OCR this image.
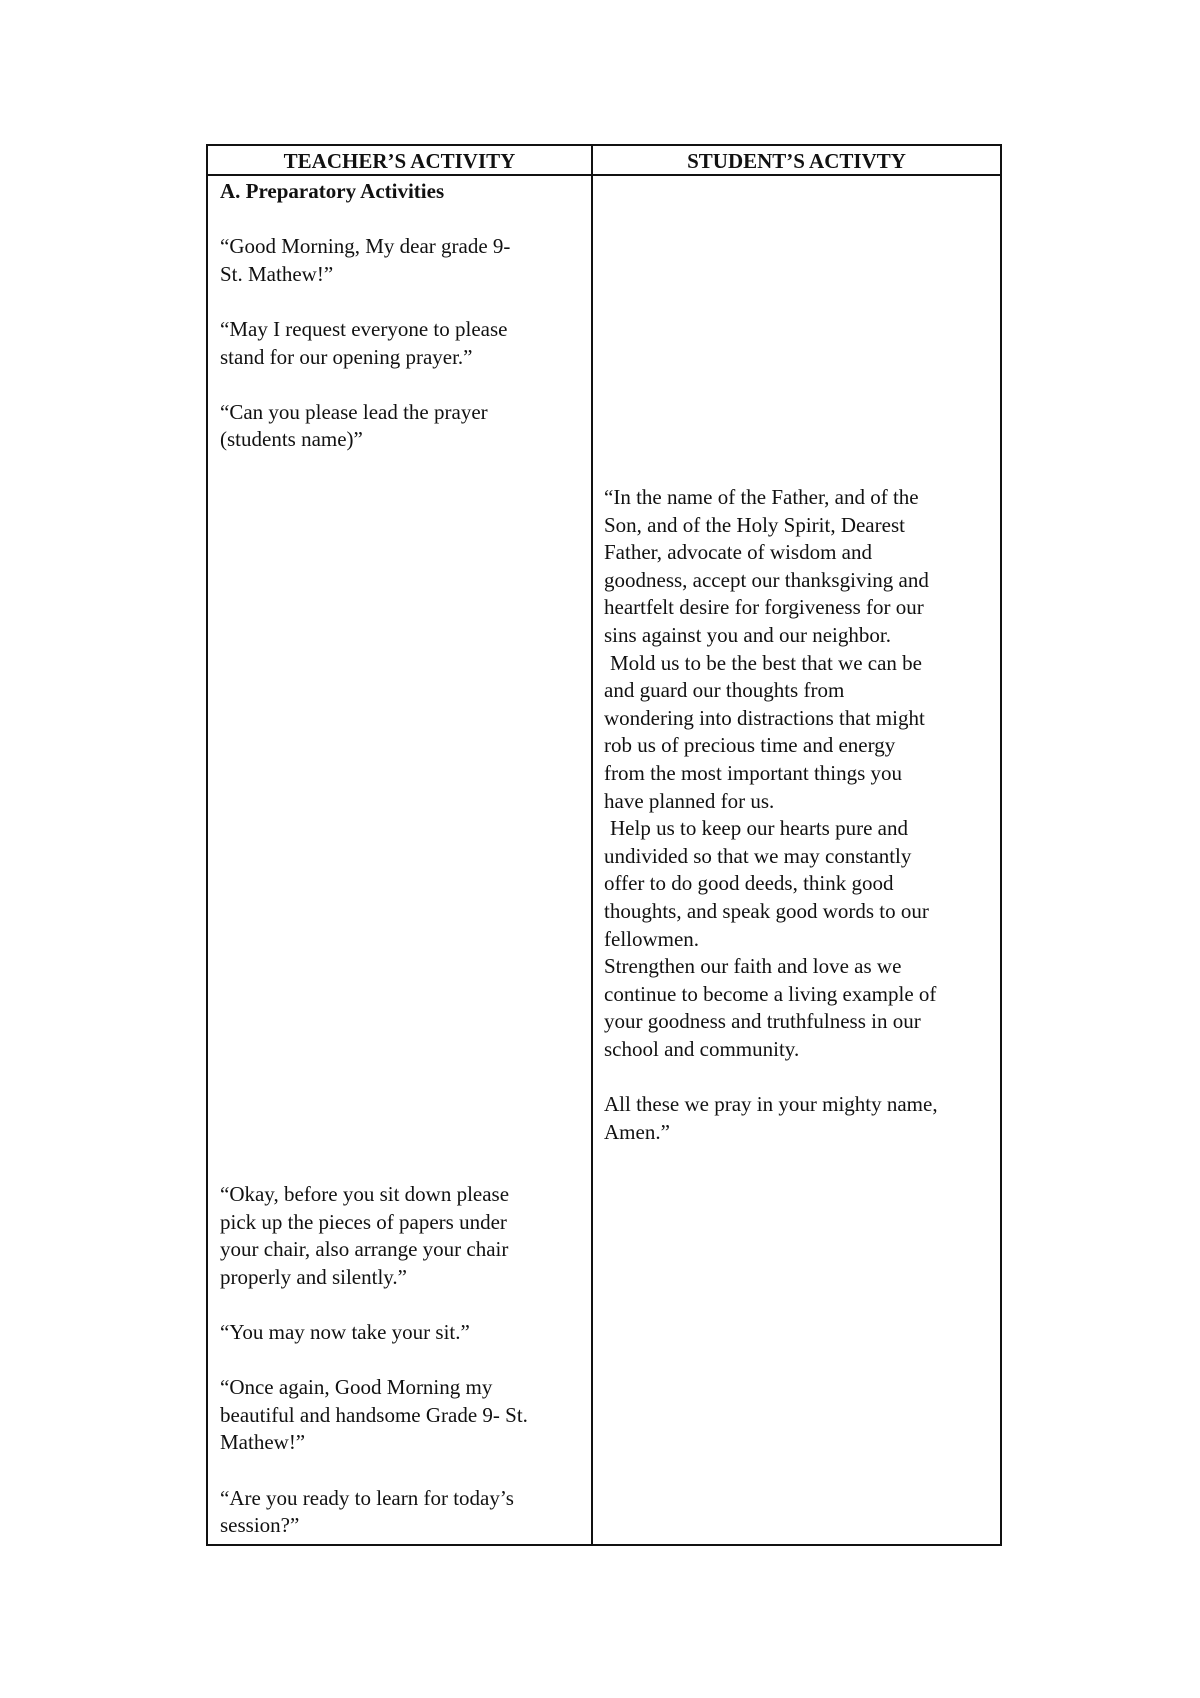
TEACHER’S ACTIVITY	STUDENT’S ACTIVTY

A. Preparatory Activities

“Good Morning, My dear grade 9-

St. Mathew!”

“May I request everyone to please

stand for our opening prayer.”

“Can you please lead the prayer

(students name)”

“In the name of the Father, and of the

Son, and of the Holy Spirit, Dearest

Father, advocate of wisdom and

goodness, accept our thanksgiving and

heartfelt desire for forgiveness for our

sins against you and our neighbor.

Mold us to be the best that we can be

and guard our thoughts from

wondering into distractions that might

rob us of precious time and energy

from the most important things you

have planned for us.

Help us to keep our hearts pure and

undivided so that we may constantly

offer to do good deeds, think good

thoughts, and speak good words to our

fellowmen.

Strengthen our faith and love as we

continue to become a living example of

your goodness and truthfulness in our

school and community.

All these we pray in your mighty name,

Amen.”

“Okay, before you sit down please

pick up the pieces of papers under

your chair, also arrange your chair

properly and silently.”

“You may now take your sit.”

“Once again, Good Morning my

beautiful and handsome Grade 9- St.

Mathew!”

“Are you ready to learn for today’s

session?”
